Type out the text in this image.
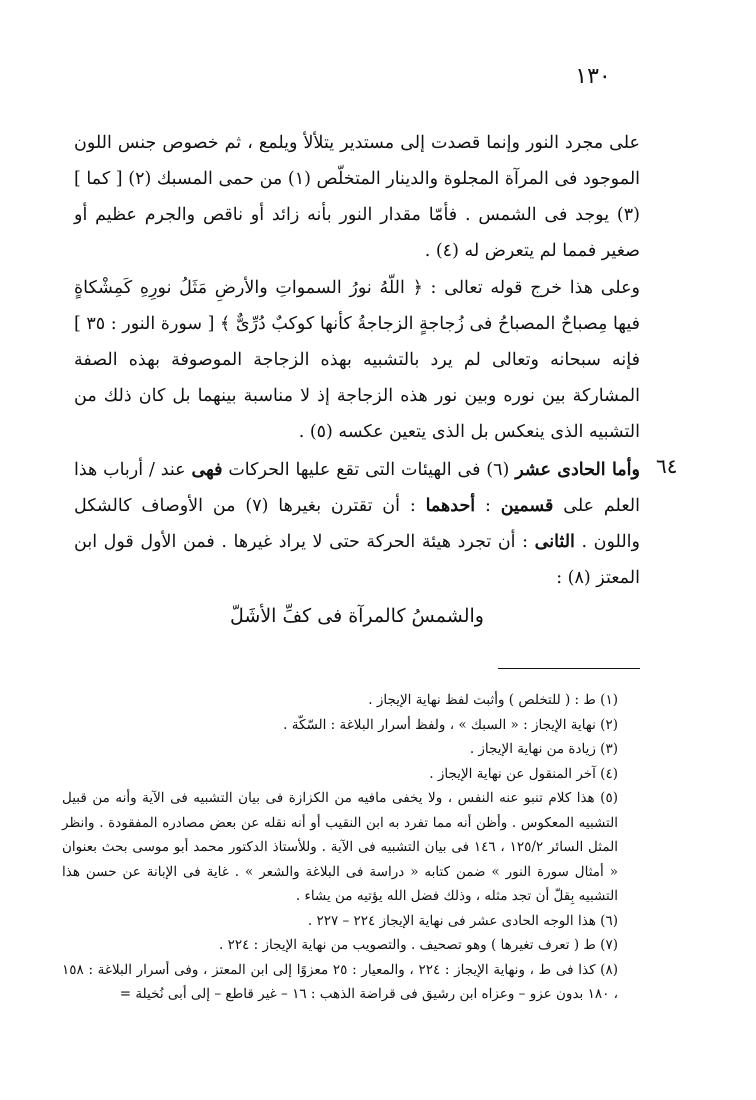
١٣٠
على مجرد النور وإنما قصدت إلى مستدير يتلألأ ويلمع ، ثم خصوص جنس اللون الموجود فى المرآة المجلوة والدينار المتخلّص (١) من حمى المسبك (٢) [ كما ] (٣) يوجد فى الشمس . فأمّا مقدار النور بأنه زائد أو ناقص والجرم عظيم أو صغير فمما لم يتعرض له (٤) .
وعلى هذا خرج قوله تعالى : ﴿ اللّهُ نورُ السمواتِ والأرضِ مَثَلُ نورِهِ كَمِشْكاةٍ فيها مِصباحٌ المصباحُ فى زُجاجةٍ الزجاجةُ كأنها كوكبٌ دُرِّىٌّ ﴾ [ سورة النور : ٣٥ ] فإنه سبحانه وتعالى لم يرد بالتشبيه بهذه الزجاجة الموصوفة بهذه الصفة المشاركة بين نوره وبين نور هذه الزجاجة إذ لا مناسبة بينهما بل كان ذلك من التشبيه الذى ينعكس بل الذى يتعين عكسه (٥) .
٦٤
وأما الحادى عشر (٦) فى الهيئات التى تقع عليها الحركات فهى عند / أرباب هذا العلم على قسمين : أحدهما : أن تقترن بغيرها (٧) من الأوصاف كالشكل واللون . الثانى : أن تجرد هيئة الحركة حتى لا يراد غيرها . فمن الأول قول ابن المعتز (٨) :
والشمسُ كالمرآة فى كفِّ الأشَلّ

(١) ط : ( للتخلص ) وأثبت لفظ نهاية الإيجاز .

(٢) نهاية الإيجاز : « السبك » ، ولفظ أسرار البلاغة : السّكّة .

(٣) زيادة من نهاية الإيجاز .

(٤) آخر المنقول عن نهاية الإيجاز .

(٥) هذا كلام تنبو عنه النفس ، ولا يخفى مافيه من الكزازة فى بيان التشبيه فى الآية وأنه من قبيل التشبيه المعكوس . وأظن أنه مما تفرد به ابن النقيب أو أنه نقله عن بعض مصادره المفقودة . وانظر المثل السائر ١٢٥/٢ ، ١٤٦ فى بيان التشبيه فى الآية . وللأستاذ الدكتور محمد أبو موسى بحث بعنوان « أمثال سورة النور » ضمن كتابه « دراسة فى البلاغة والشعر » . غاية فى الإبانة عن حسن هذا التشبيه بِقلّ أن تجد مثله ، وذلك فضل الله يؤتيه من يشاء .

(٦) هذا الوجه الحادى عشر فى نهاية الإيجاز ٢٢٤ – ٢٢٧ .

(٧) ط ( تعرف تغيرها ) وهو تصحيف . والتصويب من نهاية الإيجاز : ٢٢٤ .

(٨) كذا فى ط ، ونهاية الإيجاز : ٢٢٤ ، والمعيار : ٢٥ معزوًا إلى ابن المعتز ، وفى أسرار البلاغة : ١٥٨ ، ١٨٠ بدون عزو – وعزاه ابن رشيق فى قراضة الذهب : ١٦ – غير قاطع – إلى أبى نُخيلة =
